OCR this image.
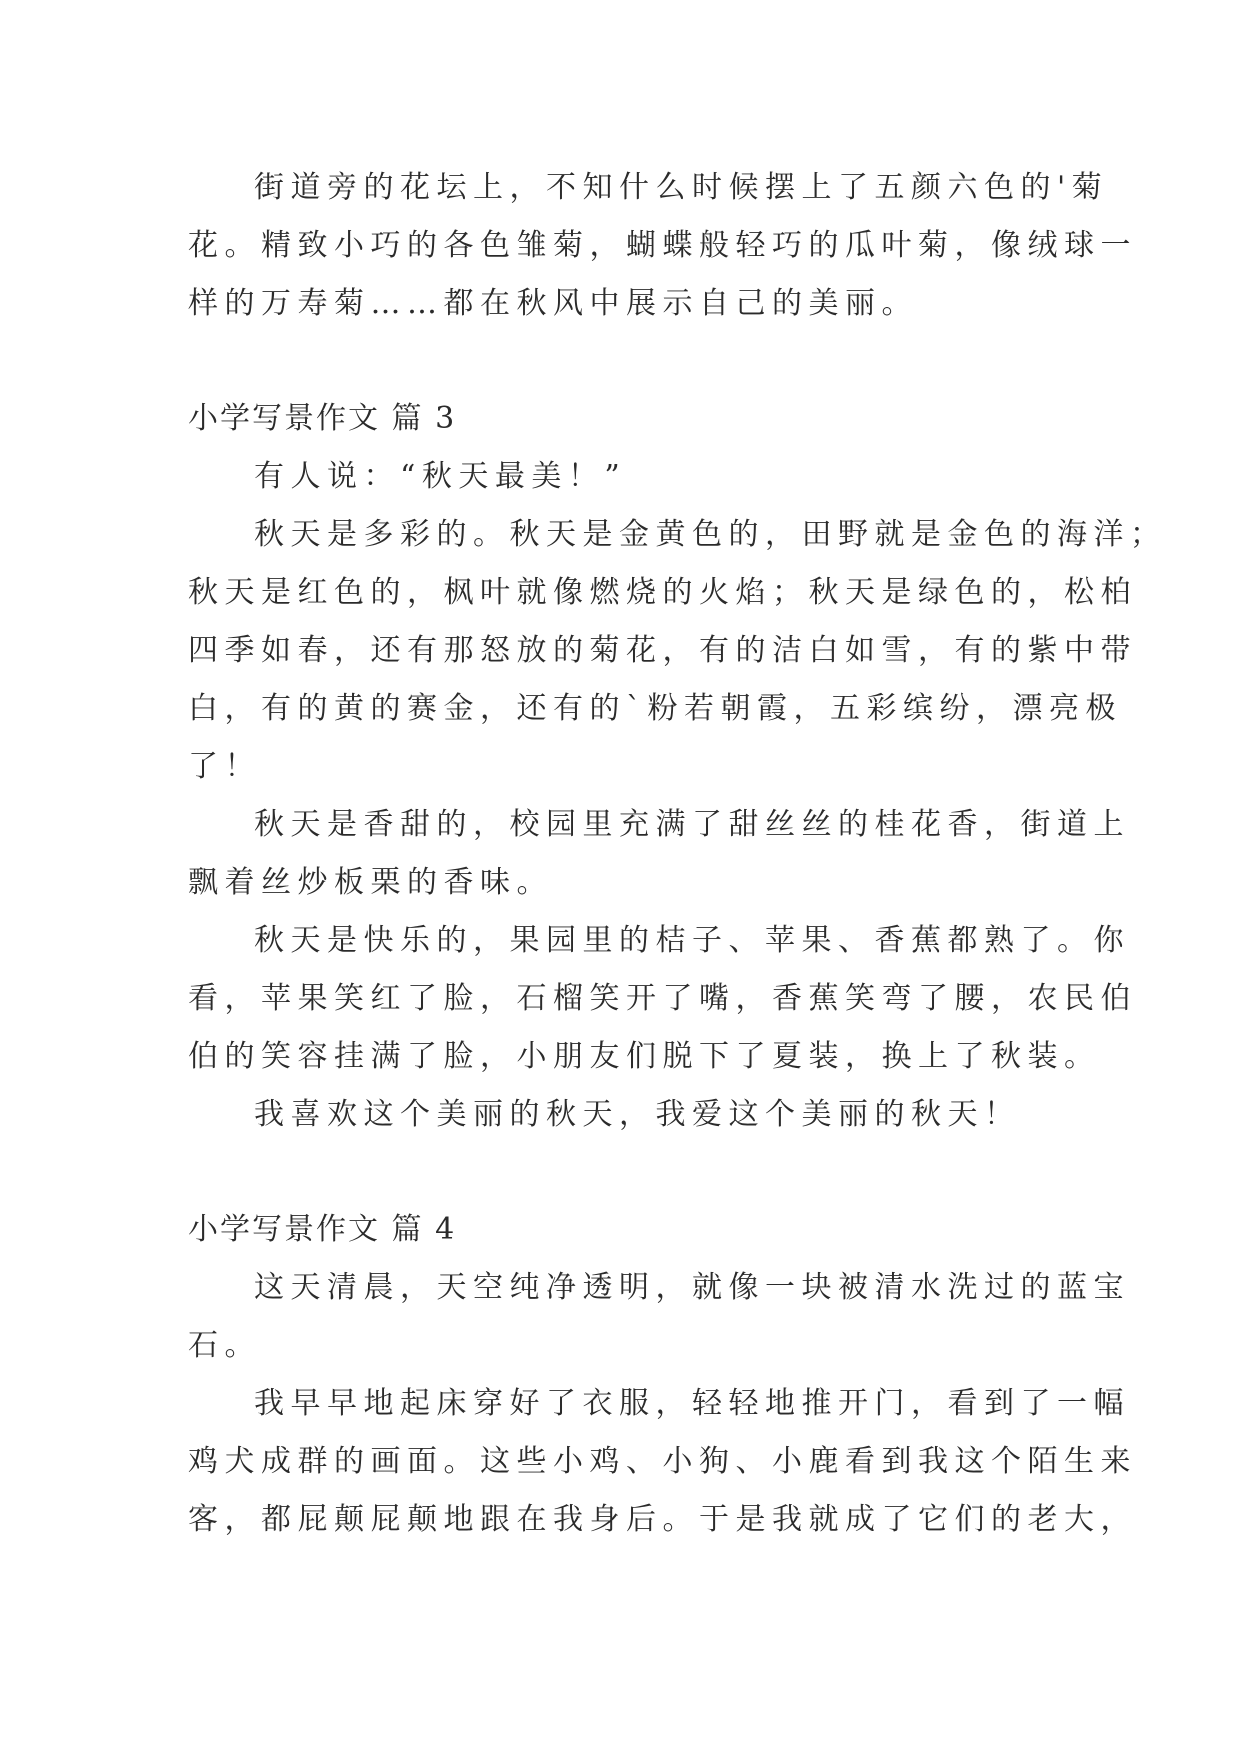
街道旁的花坛上，不知什么时候摆上了五颜六色的'菊
花。精致小巧的各色雏菊，蝴蝶般轻巧的瓜叶菊，像绒球一
样的万寿菊……都在秋风中展示自己的美丽。
小学写景作文 篇 3
有人说：“秋天最美！”
秋天是多彩的。秋天是金黄色的，田野就是金色的海洋；
秋天是红色的，枫叶就像燃烧的火焰；秋天是绿色的，松柏
四季如春，还有那怒放的菊花，有的洁白如雪，有的紫中带
白，有的黄的赛金，还有的`粉若朝霞，五彩缤纷，漂亮极
了！
秋天是香甜的，校园里充满了甜丝丝的桂花香，街道上
飘着丝炒板栗的香味。
秋天是快乐的，果园里的桔子、苹果、香蕉都熟了。你
看，苹果笑红了脸，石榴笑开了嘴，香蕉笑弯了腰，农民伯
伯的笑容挂满了脸，小朋友们脱下了夏装，换上了秋装。
我喜欢这个美丽的秋天，我爱这个美丽的秋天！
小学写景作文 篇 4
这天清晨，天空纯净透明，就像一块被清水洗过的蓝宝
石。
我早早地起床穿好了衣服，轻轻地推开门，看到了一幅
鸡犬成群的画面。这些小鸡、小狗、小鹿看到我这个陌生来
客，都屁颠屁颠地跟在我身后。于是我就成了它们的老大，
